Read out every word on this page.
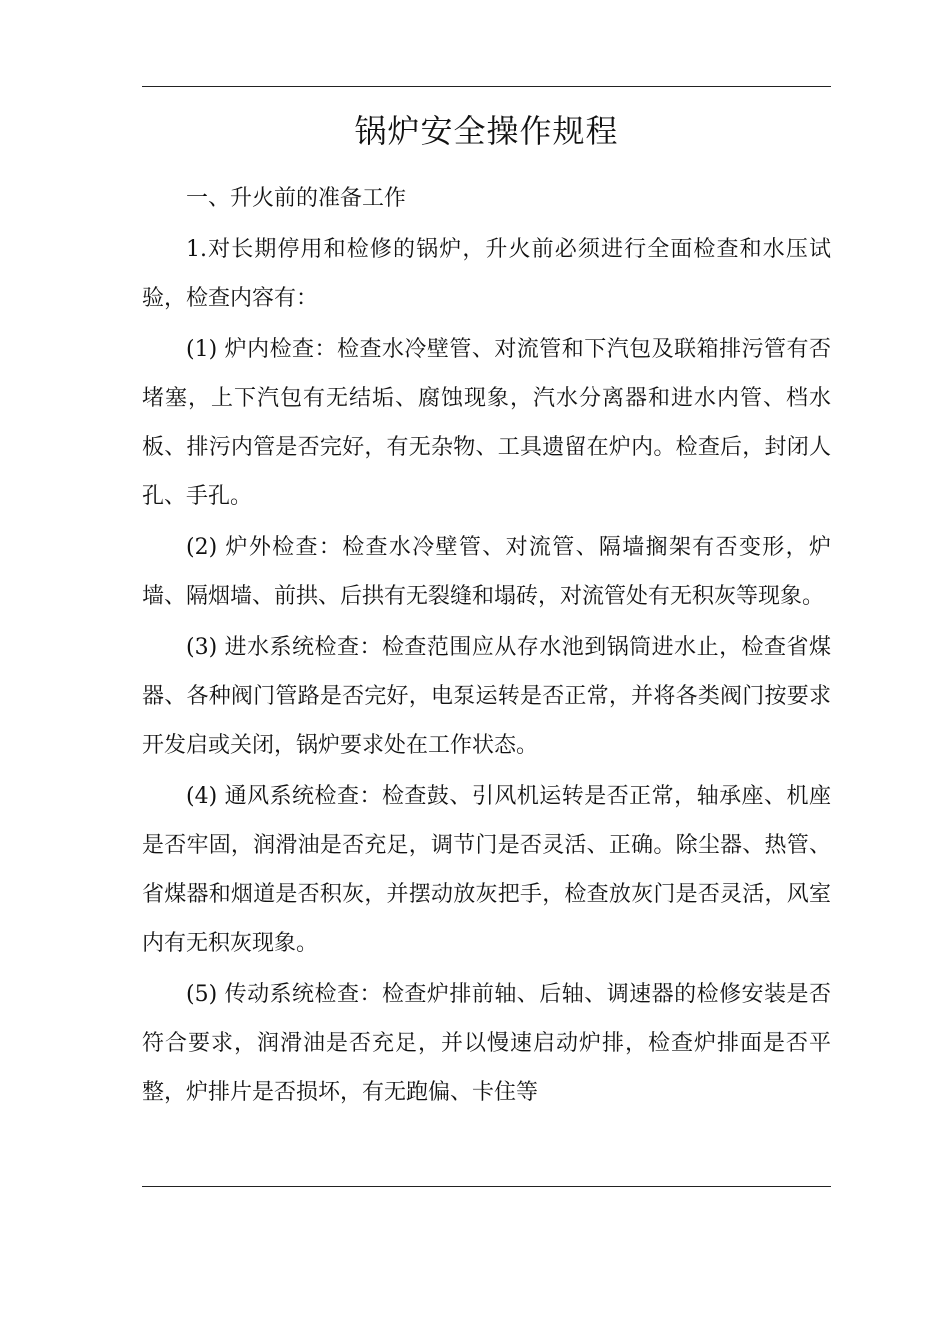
锅炉安全操作规程

一、升火前的准备工作

1.对长期停用和检修的锅炉，升火前必须进行全面检查和水压试验，检查内容有：

(1) 炉内检查：检查水冷壁管、对流管和下汽包及联箱排污管有否堵塞，上下汽包有无结垢、腐蚀现象，汽水分离器和进水内管、档水板、排污内管是否完好，有无杂物、工具遗留在炉内。检查后，封闭人孔、手孔。

(2) 炉外检查：检查水冷壁管、对流管、隔墙搁架有否变形，炉墙、隔烟墙、前拱、后拱有无裂缝和塌砖，对流管处有无积灰等现象。

(3) 进水系统检查：检查范围应从存水池到锅筒进水止，检查省煤器、各种阀门管路是否完好，电泵运转是否正常，并将各类阀门按要求开发启或关闭，锅炉要求处在工作状态。

(4) 通风系统检查：检查鼓、引风机运转是否正常，轴承座、机座是否牢固，润滑油是否充足，调节门是否灵活、正确。除尘器、热管、省煤器和烟道是否积灰，并摆动放灰把手，检查放灰门是否灵活，风室内有无积灰现象。

(5) 传动系统检查：检查炉排前轴、后轴、调速器的检修安装是否符合要求，润滑油是否充足，并以慢速启动炉排，检查炉排面是否平整，炉排片是否损坏，有无跑偏、卡住等
